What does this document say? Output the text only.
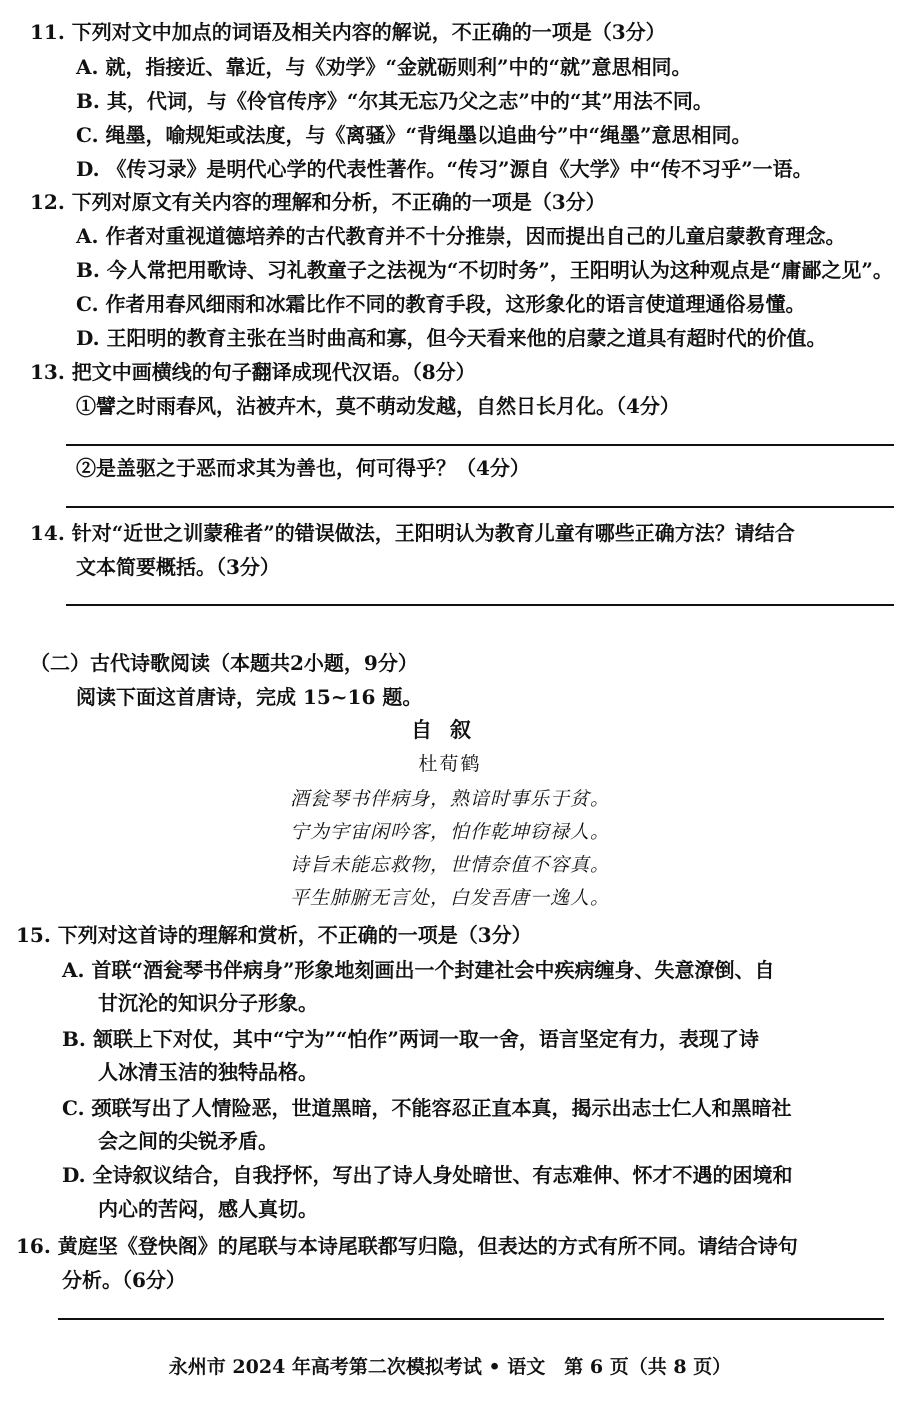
11. 下列对文中加点的词语及相关内容的解说，不正确的一项是（3分）
A. 就，指接近、靠近，与《劝学》“金就砺则利”中的“就”意思相同。
B. 其，代词，与《伶官传序》“尔其无忘乃父之志”中的“其”用法不同。
C. 绳墨，喻规矩或法度，与《离骚》“背绳墨以追曲兮”中“绳墨”意思相同。
D. 《传习录》是明代心学的代表性著作。“传习”源自《大学》中“传不习乎”一语。
12. 下列对原文有关内容的理解和分析，不正确的一项是（3分）
A. 作者对重视道德培养的古代教育并不十分推崇，因而提出自己的儿童启蒙教育理念。
B. 今人常把用歌诗、习礼教童子之法视为“不切时务”，王阳明认为这种观点是“庸鄙之见”。
C. 作者用春风细雨和冰霜比作不同的教育手段，这形象化的语言使道理通俗易懂。
D. 王阳明的教育主张在当时曲高和寡，但今天看来他的启蒙之道具有超时代的价值。
13. 把文中画横线的句子翻译成现代汉语。（8分）
①譬之时雨春风，沾被卉木，莫不萌动发越，自然日长月化。（4分）
②是盖驱之于恶而求其为善也，何可得乎？（4分）
14. 针对“近世之训蒙稚者”的错误做法，王阳明认为教育儿童有哪些正确方法？请结合
文本简要概括。（3分）
（二）古代诗歌阅读（本题共2小题，9分）
阅读下面这首唐诗，完成 15~16 题。
自叙
杜荀鹤
酒瓮琴书伴病身，熟谙时事乐于贫。
宁为宇宙闲吟客，怕作乾坤窃禄人。
诗旨未能忘救物，世情奈值不容真。
平生肺腑无言处，白发吾唐一逸人。
15. 下列对这首诗的理解和赏析，不正确的一项是（3分）
A. 首联“酒瓮琴书伴病身”形象地刻画出一个封建社会中疾病缠身、失意潦倒、自
甘沉沦的知识分子形象。
B. 颔联上下对仗，其中“宁为”“怕作”两词一取一舍，语言坚定有力，表现了诗
人冰清玉洁的独特品格。
C. 颈联写出了人情险恶，世道黑暗，不能容忍正直本真，揭示出志士仁人和黑暗社
会之间的尖锐矛盾。
D. 全诗叙议结合，自我抒怀，写出了诗人身处暗世、有志难伸、怀才不遇的困境和
内心的苦闷，感人真切。
16. 黄庭坚《登快阁》的尾联与本诗尾联都写归隐，但表达的方式有所不同。请结合诗句
分析。（6分）
永州市 2024 年高考第二次模拟考试 • 语文　第 6 页（共 8 页）
